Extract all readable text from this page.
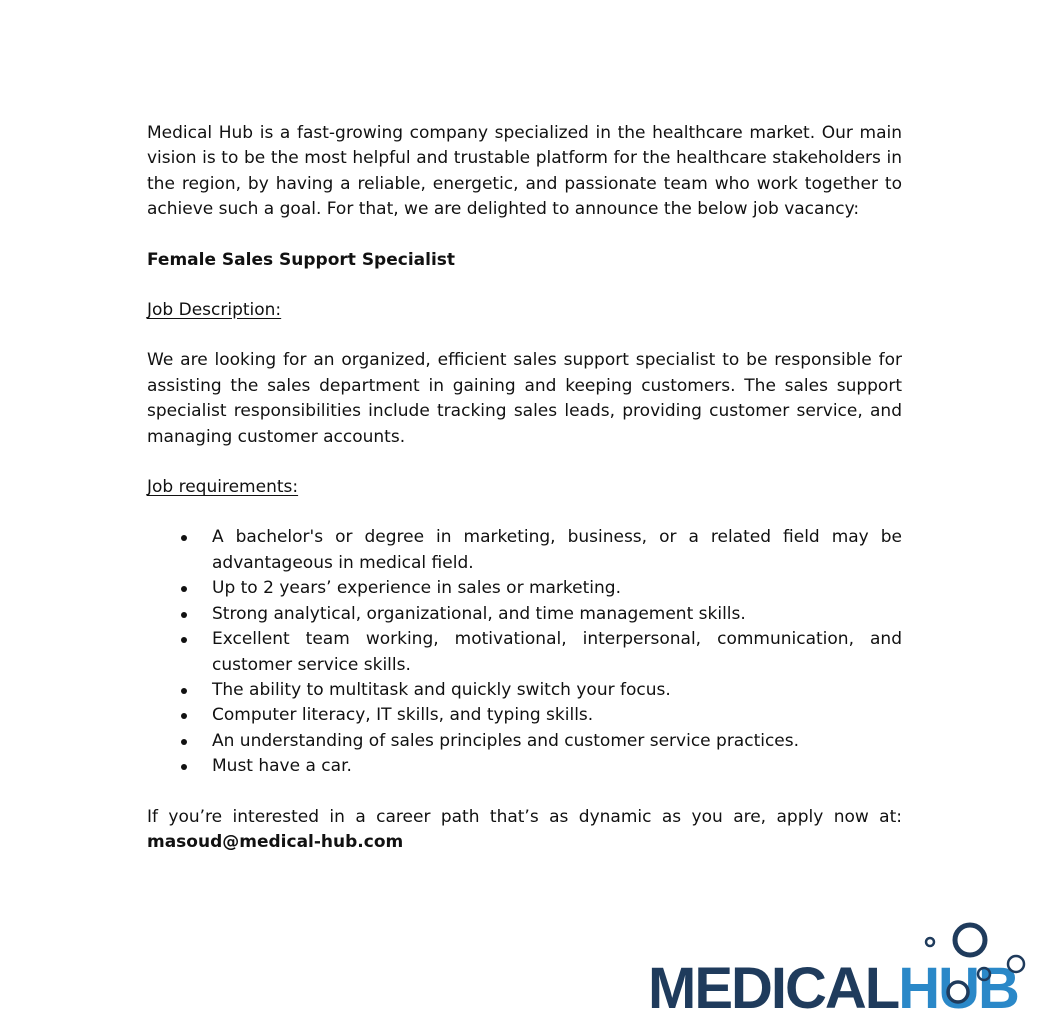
Medical Hub is a fast-growing company specialized in the healthcare market. Our main vision is to be the most helpful and trustable platform for the healthcare stakeholders in the region, by having a reliable, energetic, and passionate team who work together to achieve such a goal. For that, we are delighted to announce the below job vacancy:

Female Sales Support Specialist

Job Description:

We are looking for an organized, efficient sales support specialist to be responsible for assisting the sales department in gaining and keeping customers. The sales support specialist responsibilities include tracking sales leads, providing customer service, and managing customer accounts.

Job requirements:

A bachelor's or degree in marketing, business, or a related field may be advantageous in medical field.
Up to 2 years’ experience in sales or marketing.
Strong analytical, organizational, and time management skills.
Excellent team working, motivational, interpersonal, communication, and customer service skills.
The ability to multitask and quickly switch your focus.
Computer literacy, IT skills, and typing skills.
An understanding of sales principles and customer service practices.
Must have a car.

If you’re interested in a career path that’s as dynamic as you are, apply now at: masoud@medical-hub.com

MEDICALHUB
